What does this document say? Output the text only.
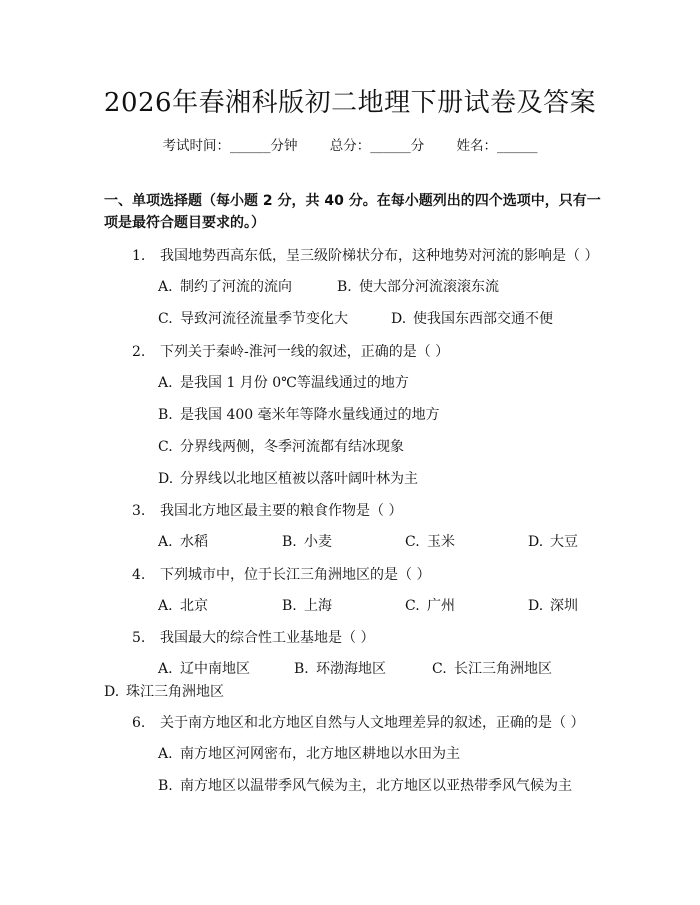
2026年春湘科版初二地理下册试卷及答案
考试时间：______分钟 总分：______分 姓名：______
一、单项选择题（每小题 2 分，共 40 分。在每小题列出的四个选项中，只有一项是最符合题目要求的。）
1. 我国地势西高东低，呈三级阶梯状分布，这种地势对河流的影响是（ ）
A. 制约了河流的流向	B. 使大部分河流滚滚东流
C. 导致河流径流量季节变化大	D. 使我国东西部交通不便
2. 下列关于秦岭-淮河一线的叙述，正确的是（ ）
A. 是我国 1 月份 0℃等温线通过的地方
B. 是我国 400 毫米年等降水量线通过的地方
C. 分界线两侧，冬季河流都有结冰现象
D. 分界线以北地区植被以落叶阔叶林为主
3. 我国北方地区最主要的粮食作物是（ ）
A. 水稻	B. 小麦	C. 玉米	D. 大豆
4. 下列城市中，位于长江三角洲地区的是（ ）
A. 北京	B. 上海	C. 广州	D. 深圳
5. 我国最大的综合性工业基地是（ ）
A. 辽中南地区	B. 环渤海地区	C. 长江三角洲地区
D. 珠江三角洲地区
6. 关于南方地区和北方地区自然与人文地理差异的叙述，正确的是（ ）
A. 南方地区河网密布，北方地区耕地以水田为主
B. 南方地区以温带季风气候为主，北方地区以亚热带季风气候为主
